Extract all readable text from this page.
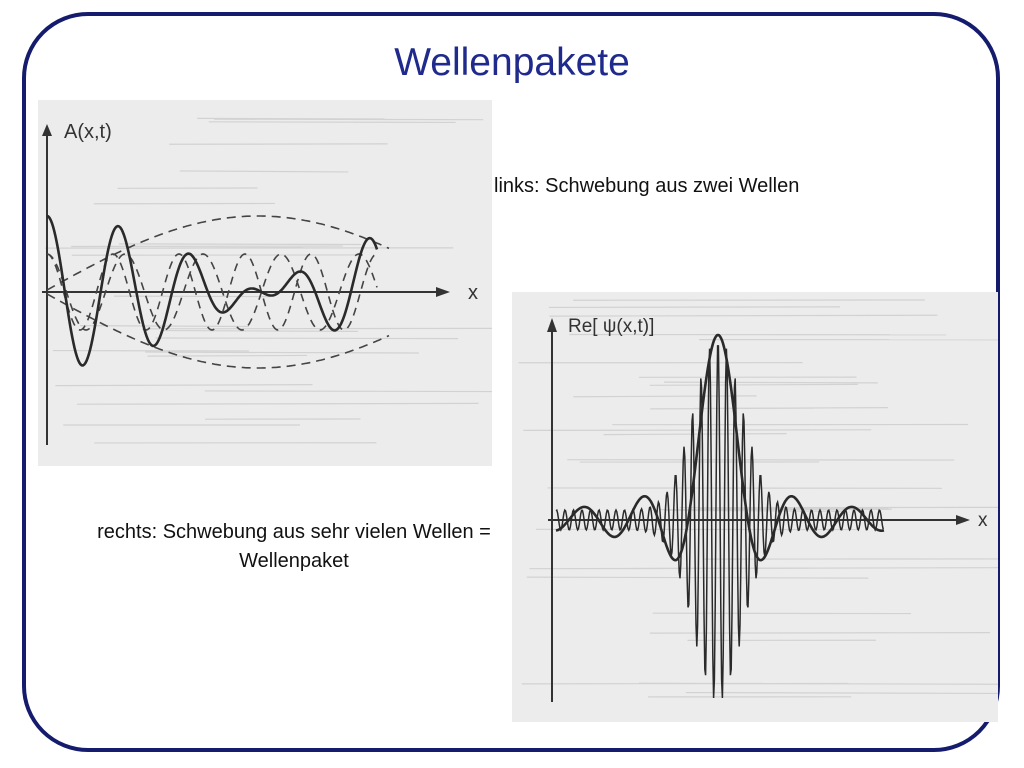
Wellenpakete
A(x,t)
x
Re[ ψ(x,t)]
x
links: Schwebung aus zwei Wellen
rechts: Schwebung aus sehr vielen Wellen = Wellenpaket
